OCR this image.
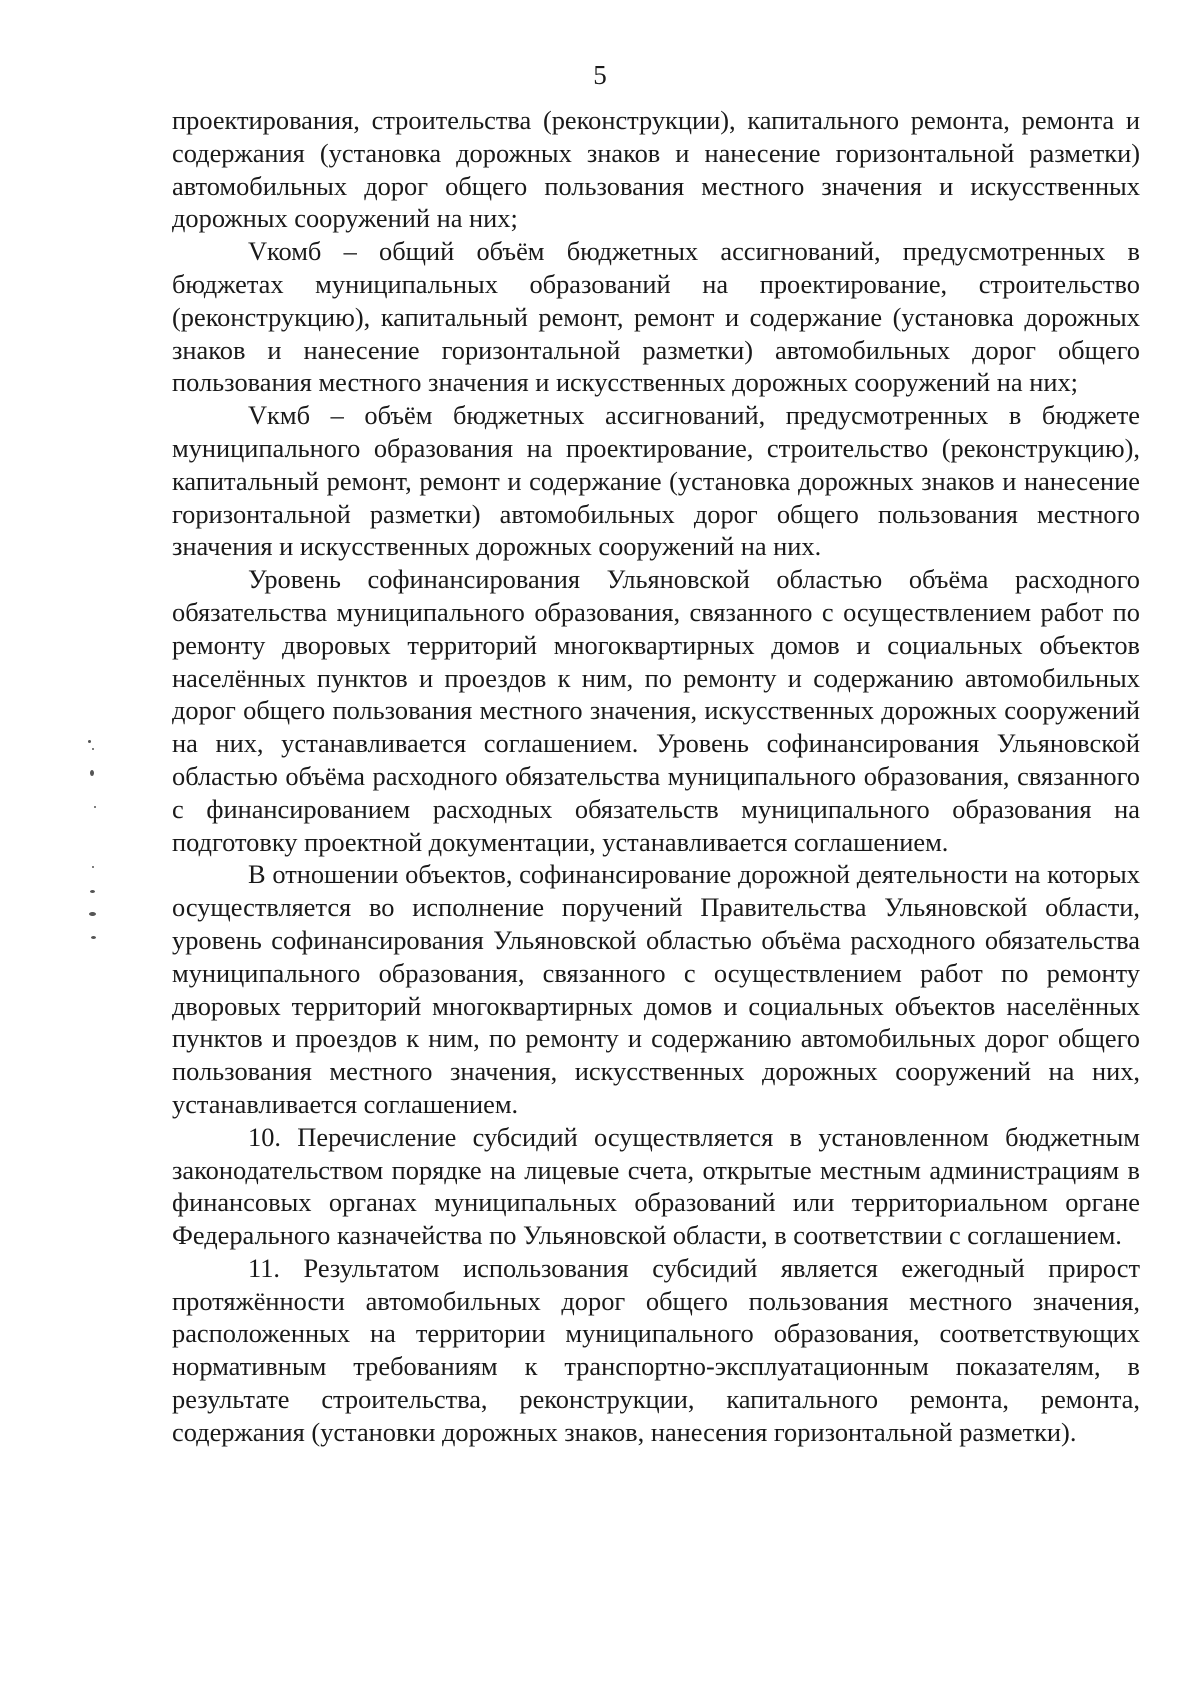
5

проектирования, строительства (реконструкции), капитального ремонта, ремонта и содержания (установка дорожных знаков и нанесение горизонтальной разметки) автомобильных дорог общего пользования местного значения и искусственных дорожных сооружений на них;

Vкомб – общий объём бюджетных ассигнований, предусмотренных в бюджетах муниципальных образований на проектирование, строительство (реконструкцию), капитальный ремонт, ремонт и содержание (установка дорожных знаков и нанесение горизонтальной разметки) автомобильных дорог общего пользования местного значения и искусственных дорожных сооружений на них;

Vкмб – объём бюджетных ассигнований, предусмотренных в бюджете муниципального образования на проектирование, строительство (реконструкцию), капитальный ремонт, ремонт и содержание (установка дорожных знаков и нанесение горизонтальной разметки) автомобильных дорог общего пользования местного значения и искусственных дорожных сооружений на них.

Уровень софинансирования Ульяновской областью объёма расходного обязательства муниципального образования, связанного с осуществлением работ по ремонту дворовых территорий многоквартирных домов и социальных объектов населённых пунктов и проездов к ним, по ремонту и содержанию автомобильных дорог общего пользования местного значения, искусственных дорожных сооружений на них, устанавливается соглашением. Уровень софинансирования Ульяновской областью объёма расходного обязательства муниципального образования, связанного с финансированием расходных обязательств муниципального образования на подготовку проектной документации, устанавливается соглашением.

В отношении объектов, софинансирование дорожной деятельности на которых осуществляется во исполнение поручений Правительства Ульяновской области, уровень софинансирования Ульяновской областью объёма расходного обязательства муниципального образования, связанного с осуществлением работ по ремонту дворовых территорий многоквартирных домов и социальных объектов населённых пунктов и проездов к ним, по ремонту и содержанию автомобильных дорог общего пользования местного значения, искусственных дорожных сооружений на них, устанавливается соглашением.

10. Перечисление субсидий осуществляется в установленном бюджетным законодательством порядке на лицевые счета, открытые местным администрациям в финансовых органах муниципальных образований или территориальном органе Федерального казначейства по Ульяновской области, в соответствии с соглашением.

11. Результатом использования субсидий является ежегодный прирост протяжённости автомобильных дорог общего пользования местного значения, расположенных на территории муниципального образования, соответствующих нормативным требованиям к транспортно-эксплуатационным показателям, в результате строительства, реконструкции, капитального ремонта, ремонта, содержания (установки дорожных знаков, нанесения горизонтальной разметки).
